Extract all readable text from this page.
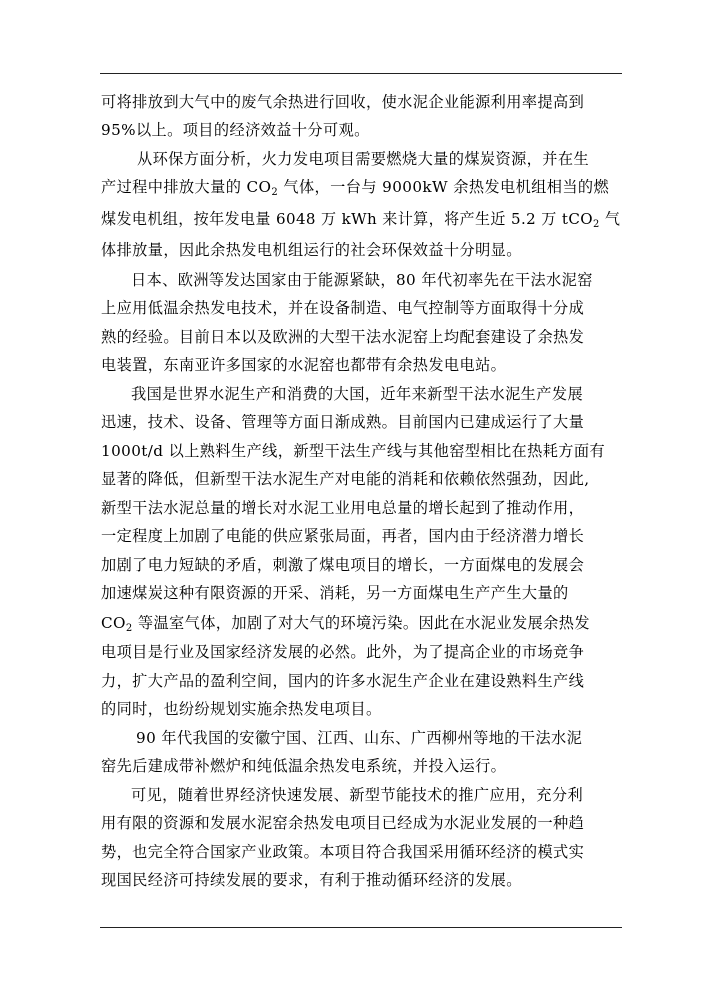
可将排放到大气中的废气余热进行回收，使水泥企业能源利用率提高到
95%以上。项目的经济效益十分可观。
从环保方面分析，火力发电项目需要燃烧大量的煤炭资源，并在生
产过程中排放大量的 $CO_2$ 气体，一台与 9000kW 余热发电机组相当的燃
煤发电机组，按年发电量 6048 万 kWh 来计算，将产生近 5.2 万 tCO$_2$ 气
体排放量，因此余热发电机组运行的社会环保效益十分明显。
日本、欧洲等发达国家由于能源紧缺，80 年代初率先在干法水泥窑
上应用低温余热发电技术，并在设备制造、电气控制等方面取得十分成
熟的经验。目前日本以及欧洲的大型干法水泥窑上均配套建设了余热发
电装置，东南亚许多国家的水泥窑也都带有余热发电电站。
我国是世界水泥生产和消费的大国，近年来新型干法水泥生产发展
迅速，技术、设备、管理等方面日渐成熟。目前国内已建成运行了大量
1000t/d 以上熟料生产线，新型干法生产线与其他窑型相比在热耗方面有
显著的降低，但新型干法水泥生产对电能的消耗和依赖依然强劲，因此,
新型干法水泥总量的增长对水泥工业用电总量的增长起到了推动作用，
一定程度上加剧了电能的供应紧张局面，再者，国内由于经济潜力增长
加剧了电力短缺的矛盾，刺激了煤电项目的增长，一方面煤电的发展会
加速煤炭这种有限资源的开采、消耗，另一方面煤电生产产生大量的
$CO_2$ 等温室气体，加剧了对大气的环境污染。因此在水泥业发展余热发
电项目是行业及国家经济发展的必然。此外，为了提高企业的市场竞争
力，扩大产品的盈利空间，国内的许多水泥生产企业在建设熟料生产线
的同时，也纷纷规划实施余热发电项目。
90 年代我国的安徽宁国、江西、山东、广西柳州等地的干法水泥
窑先后建成带补燃炉和纯低温余热发电系统，并投入运行。
可见，随着世界经济快速发展、新型节能技术的推广应用，充分利
用有限的资源和发展水泥窑余热发电项目已经成为水泥业发展的一种趋
势，也完全符合国家产业政策。本项目符合我国采用循环经济的模式实
现国民经济可持续发展的要求，有利于推动循环经济的发展。
